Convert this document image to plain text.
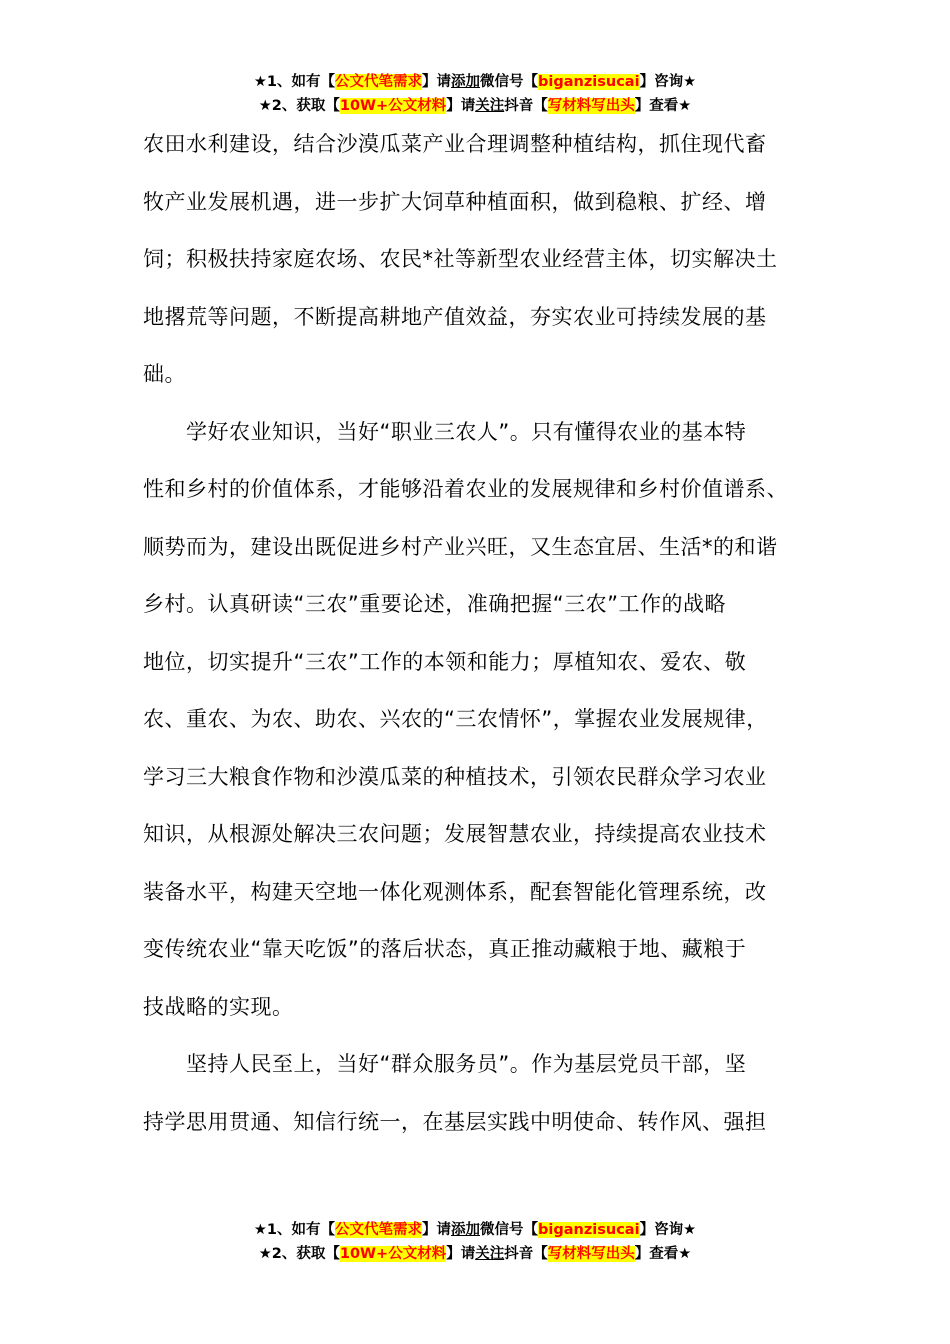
★1、如有【公文代笔需求】请添加微信号【biganzisucai】咨询★
★2、获取【10W+公文材料】请关注抖音【写材料写出头】查看★
农田水利建设，结合沙漠瓜菜产业合理调整种植结构，抓住现代畜
牧产业发展机遇，进一步扩大饲草种植面积，做到稳粮、扩经、增
饲；积极扶持家庭农场、农民*社等新型农业经营主体，切实解决土
地撂荒等问题，不断提高耕地产值效益，夯实农业可持续发展的基
础。
　　学好农业知识，当好“职业三农人”。只有懂得农业的基本特
性和乡村的价值体系，才能够沿着农业的发展规律和乡村价值谱系、
顺势而为，建设出既促进乡村产业兴旺，又生态宜居、生活*的和谐
乡村。认真研读“三农”重要论述，准确把握“三农”工作的战略
地位，切实提升“三农”工作的本领和能力；厚植知农、爱农、敬
农、重农、为农、助农、兴农的“三农情怀”，掌握农业发展规律，
学习三大粮食作物和沙漠瓜菜的种植技术，引领农民群众学习农业
知识，从根源处解决三农问题；发展智慧农业，持续提高农业技术
装备水平，构建天空地一体化观测体系，配套智能化管理系统，改
变传统农业“靠天吃饭”的落后状态，真正推动藏粮于地、藏粮于
技战略的实现。
　　坚持人民至上，当好“群众服务员”。作为基层党员干部，坚
持学思用贯通、知信行统一，在基层实践中明使命、转作风、强担
★1、如有【公文代笔需求】请添加微信号【biganzisucai】咨询★
★2、获取【10W+公文材料】请关注抖音【写材料写出头】查看★
